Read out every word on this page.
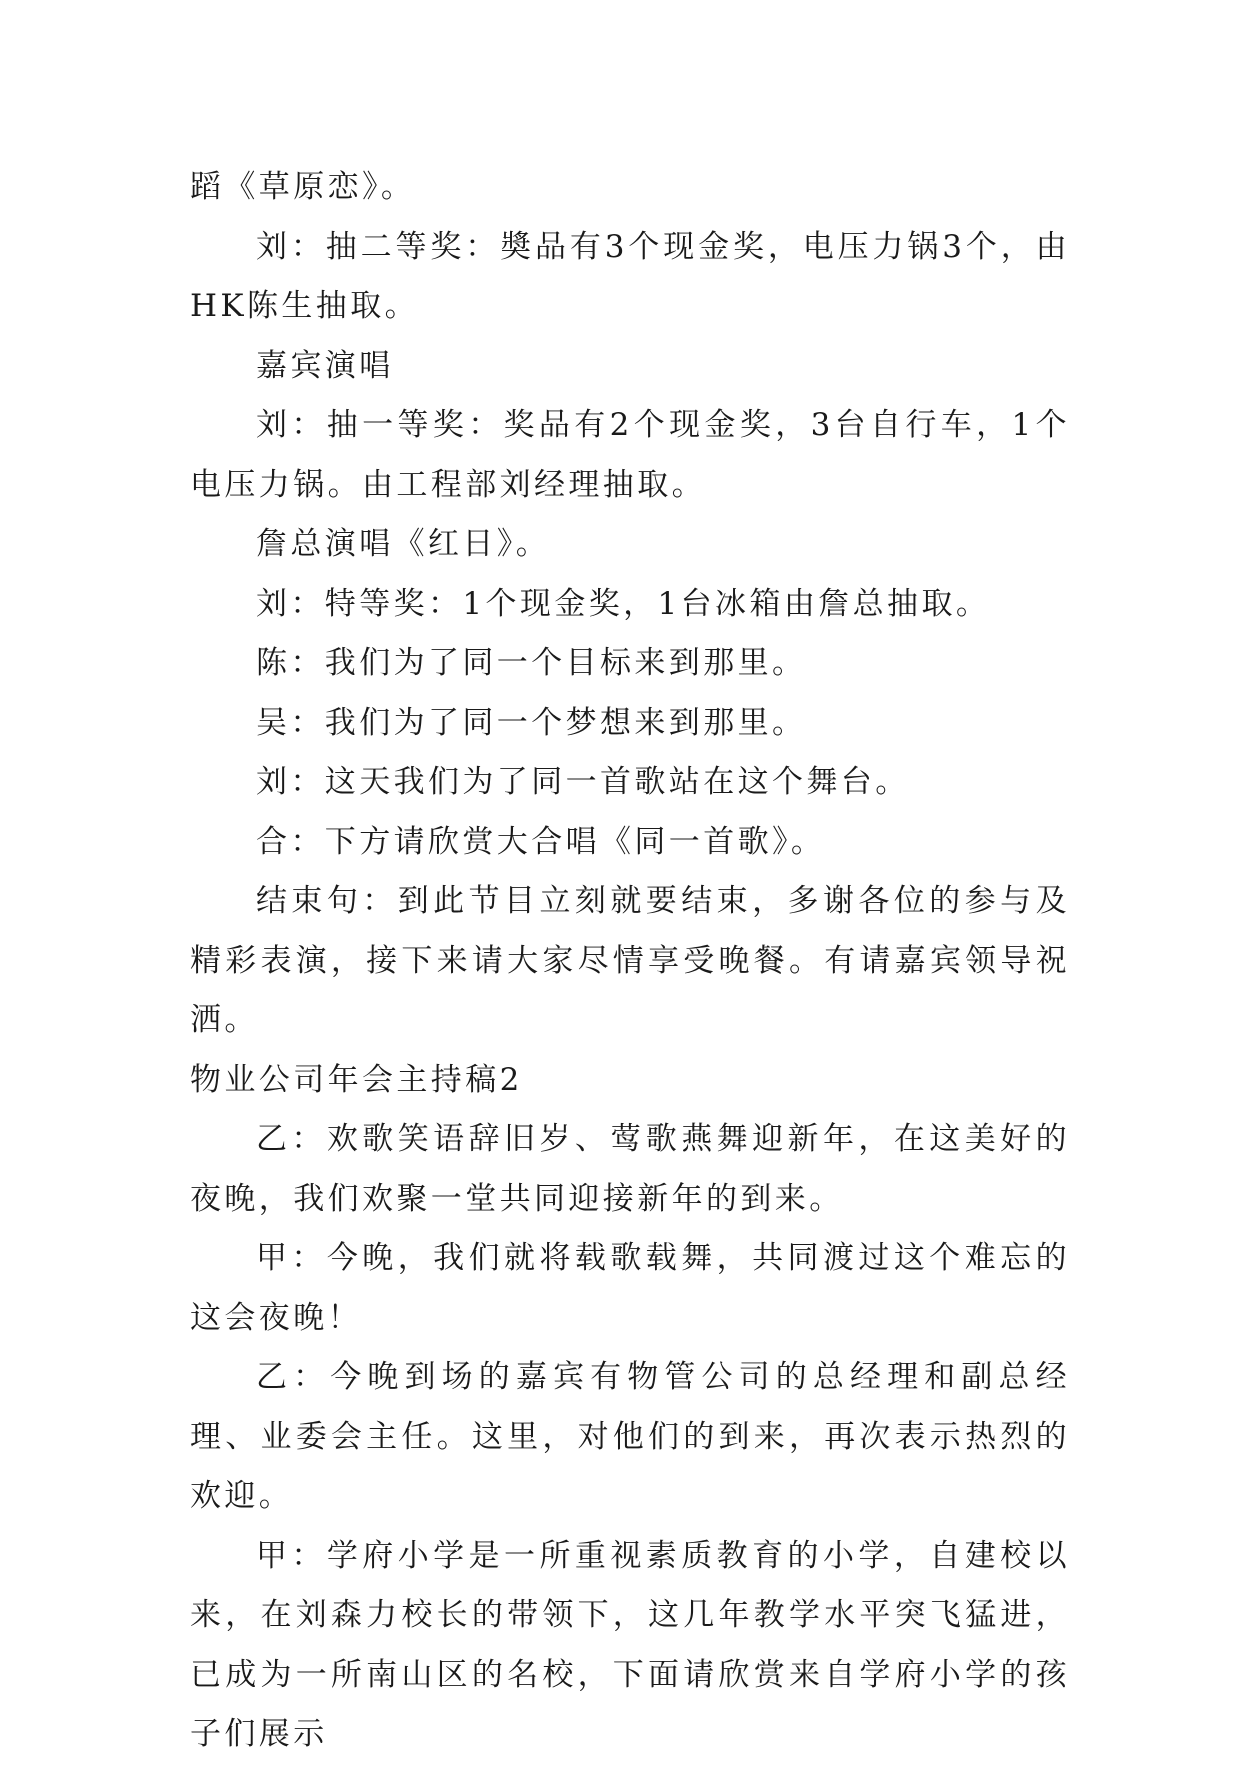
蹈《草原恋》。

刘：抽二等奖：奬品有3个现金奖，电压力锅3个，由HK陈生抽取。

嘉宾演唱

刘：抽一等奖：奖品有2个现金奖，3台自行车，1个电压力锅。由工程部刘经理抽取。

詹总演唱《红日》。

刘：特等奖：1个现金奖，1台冰箱由詹总抽取。

陈：我们为了同一个目标来到那里。

吴：我们为了同一个梦想来到那里。

刘：这天我们为了同一首歌站在这个舞台。

合：下方请欣赏大合唱《同一首歌》。

结束句：到此节目立刻就要结束，多谢各位的参与及精彩表演，接下来请大家尽情享受晚餐。有请嘉宾领导祝洒。

物业公司年会主持稿2

乙：欢歌笑语辞旧岁、莺歌燕舞迎新年，在这美好的夜晚，我们欢聚一堂共同迎接新年的到来。

甲：今晚，我们就将载歌载舞，共同渡过这个难忘的这会夜晚！

乙：今晚到场的嘉宾有物管公司的总经理和副总经理、业委会主任。这里，对他们的到来，再次表示热烈的欢迎。

甲：学府小学是一所重视素质教育的小学，自建校以来，在刘森力校长的带领下，这几年教学水平突飞猛进，已成为一所南山区的名校，下面请欣赏来自学府小学的孩子们展示
